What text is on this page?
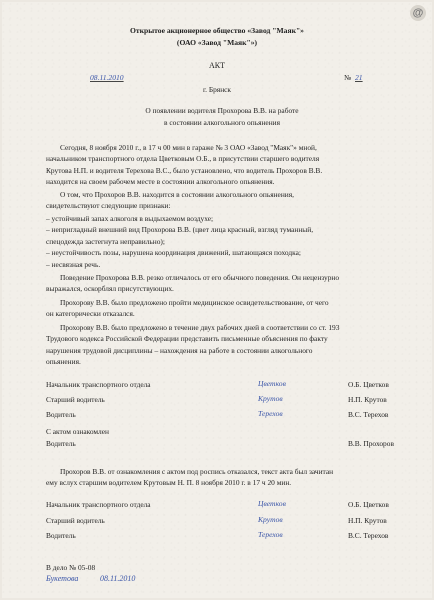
@
Открытое акционерное общество «Завод "Маяк"»
(ОАО «Завод "Маяк"»)
АКТ
08.11.2010	№ 21
г. Брянск
О появлении водителя Прохорова В.В. на работе
в состоянии алкогольного опьянения
Сегодня, 8 ноября 2010 г., в 17 ч 00 мин в гараже № 3 ОАО «Завод "Маяк"» мной,
начальником транспортного отдела Цветковым О.Б., в присутствии старшего водителя
Крутова Н.П. и водителя Терехова В.С., было установлено, что водитель Прохоров В.В.
находится на своем рабочем месте в состоянии алкогольного опьянения.
О том, что Прохоров В.В. находится в состоянии алкогольного опьянения,
свидетельствуют следующие признаки:
– устойчивый запах алкоголя в выдыхаемом воздухе;
– непригладный внешний вид Прохорова В.В. (цвет лица красный, взгляд туманный,
спецодежда застегнута неправильно);
– неустойчивость позы, нарушена координация движений, шатающаяся походка;
– несвязная речь.
Поведение Прохорова В.В. резко отличалось от его обычного поведения. Он нецензурно
выражался, оскорблял присутствующих.
Прохорову В.В. было предложено пройти медицинское освидетельствование, от чего
он категорически отказался.
Прохорову В.В. было предложено в течение двух рабочих дней в соответствии со ст. 193
Трудового кодекса Российской Федерации представить письменные объяснения по факту
нарушения трудовой дисциплины – нахождения на работе в состоянии алкогольного
опьянения.
Начальник транспортного отдела	Цветков	О.Б. Цветков
Старший водитель	Крутов	Н.П. Крутов
Водитель	Терехов	В.С. Терехов
С актом ознакомлен
Водитель	В.В. Прохоров
Прохоров В.В. от ознакомления с актом под роспись отказался, текст акта был зачитан
ему вслух старшим водителем Крутовым Н. П. 8 ноября 2010 г. в 17 ч 20 мин.
Начальник транспортного отдела	Цветков	О.Б. Цветков
Старший водитель	Крутов	Н.П. Крутов
Водитель	Терехов	В.С. Терехов
В дело № 05-08
Букетова	08.11.2010
